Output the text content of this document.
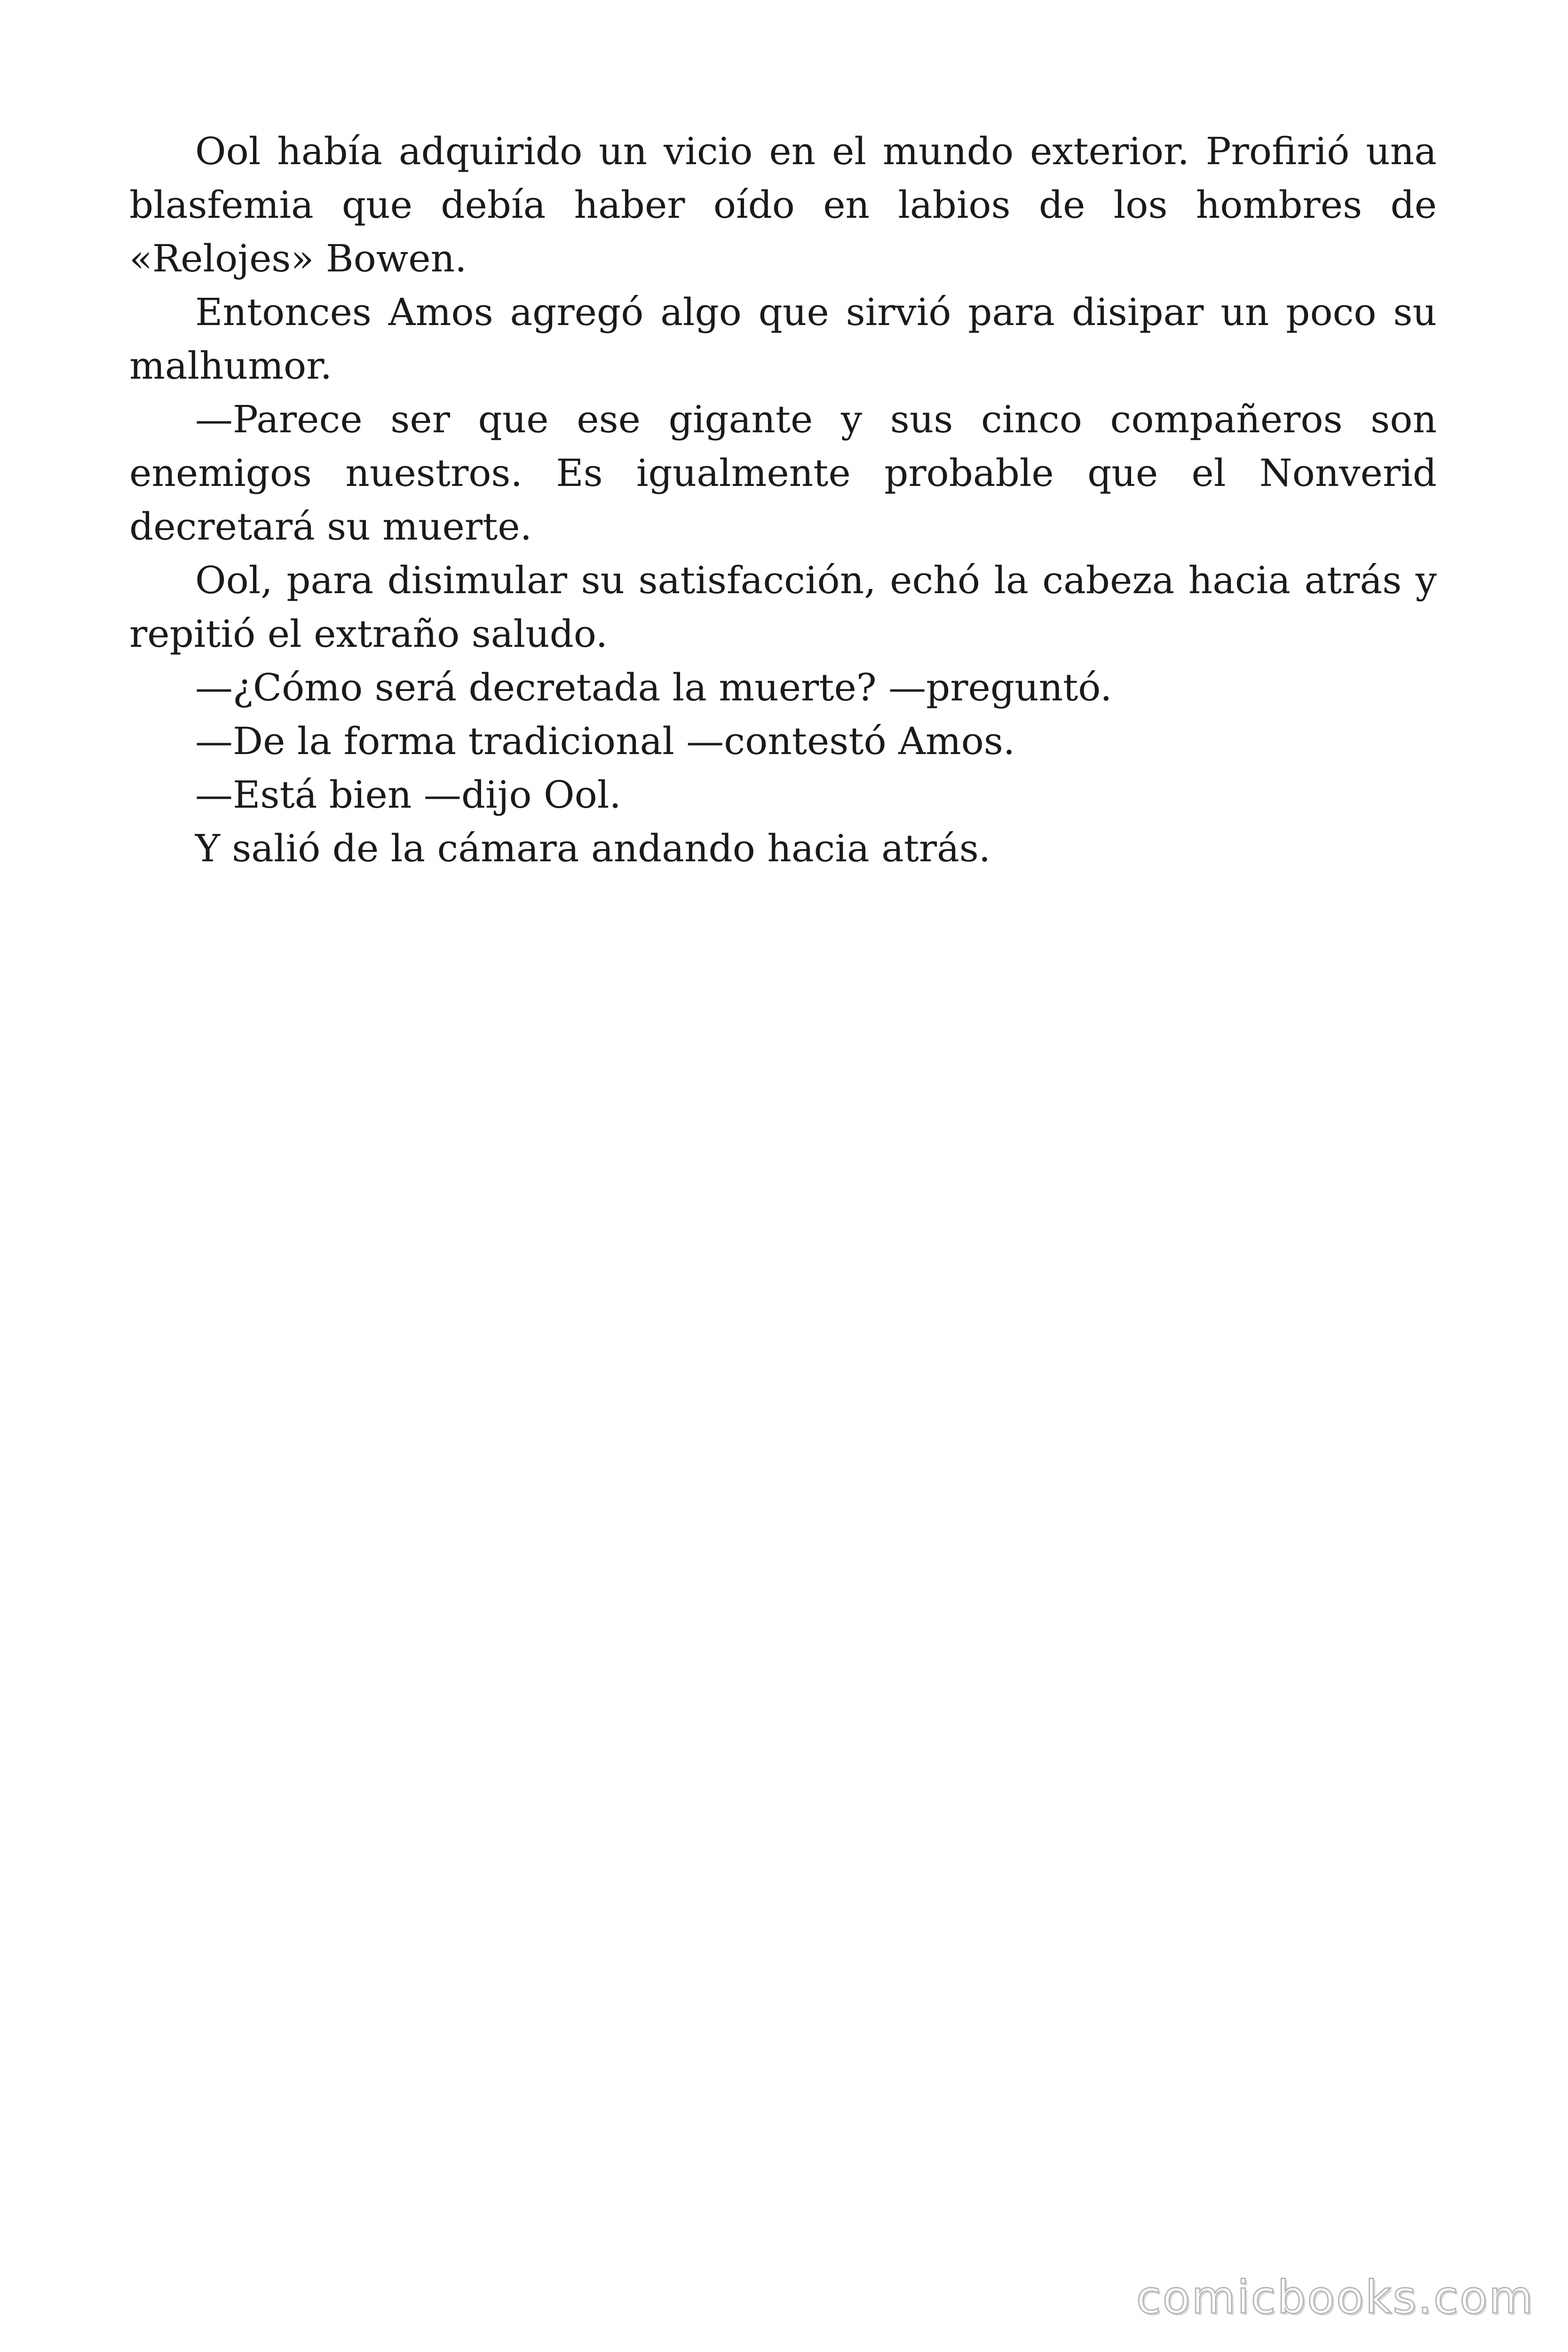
Ool había adquirido un vicio en el mundo exterior. Profirió una blasfemia que debía haber oído en labios de los hombres de «Relojes» Bowen.

Entonces Amos agregó algo que sirvió para disipar un poco su malhumor.

—Parece ser que ese gigante y sus cinco compañeros son enemigos nuestros. Es igualmente probable que el Nonverid decretará su muerte.

Ool, para disimular su satisfacción, echó la cabeza hacia atrás y repitió el extraño saludo.

—¿Cómo será decretada la muerte? —preguntó.

—De la forma tradicional —contestó Amos.

—Está bien —dijo Ool.

Y salió de la cámara andando hacia atrás.

comicbooks.com
